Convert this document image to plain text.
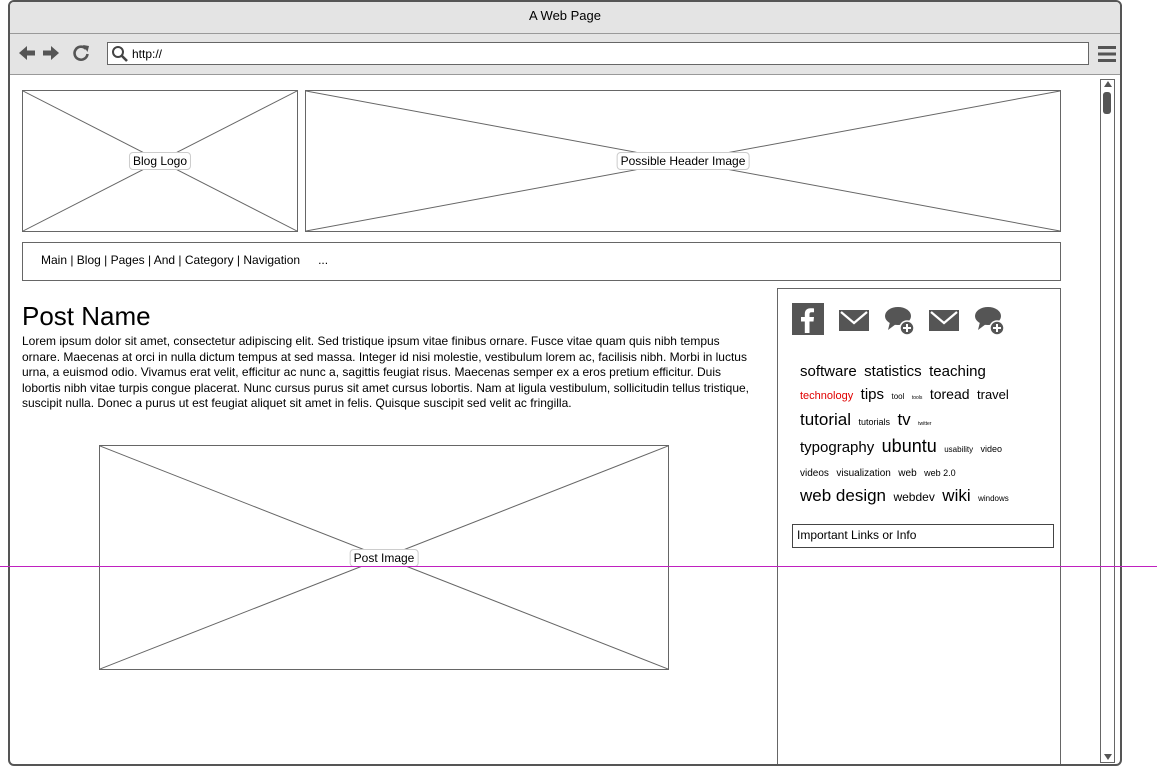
A Web Page
http://
Blog Logo	Possible Header Image
Main | Blog | Pages | And | Category | Navigation ...
Post Name

Lorem ipsum dolor sit amet, consectetur adipiscing elit. Sed tristique ipsum vitae finibus ornare. Fusce vitae quam quis nibh tempus ornare. Maecenas at orci in nulla dictum tempus at sed massa. Integer id nisi molestie, vestibulum lorem ac, facilisis nibh. Morbi in luctus urna, a euismod odio. Vivamus erat velit, efficitur ac nunc a, sagittis feugiat risus. Maecenas semper ex a eros pretium efficitur. Duis lobortis nibh vitae turpis congue placerat. Nunc cursus purus sit amet cursus lobortis. Nam at ligula vestibulum, sollicitudin tellus tristique, suscipit nulla. Donec a purus ut est feugiat aliquet sit amet in felis. Quisque suscipit sed velit ac fringilla.

Post Image
software statistics teaching
technology tips tool tools toread travel
tutorial tutorials tv twitter
typography ubuntu usability video
videos visualization web web 2.0
web design webdev wiki windows
Important Links or Info
